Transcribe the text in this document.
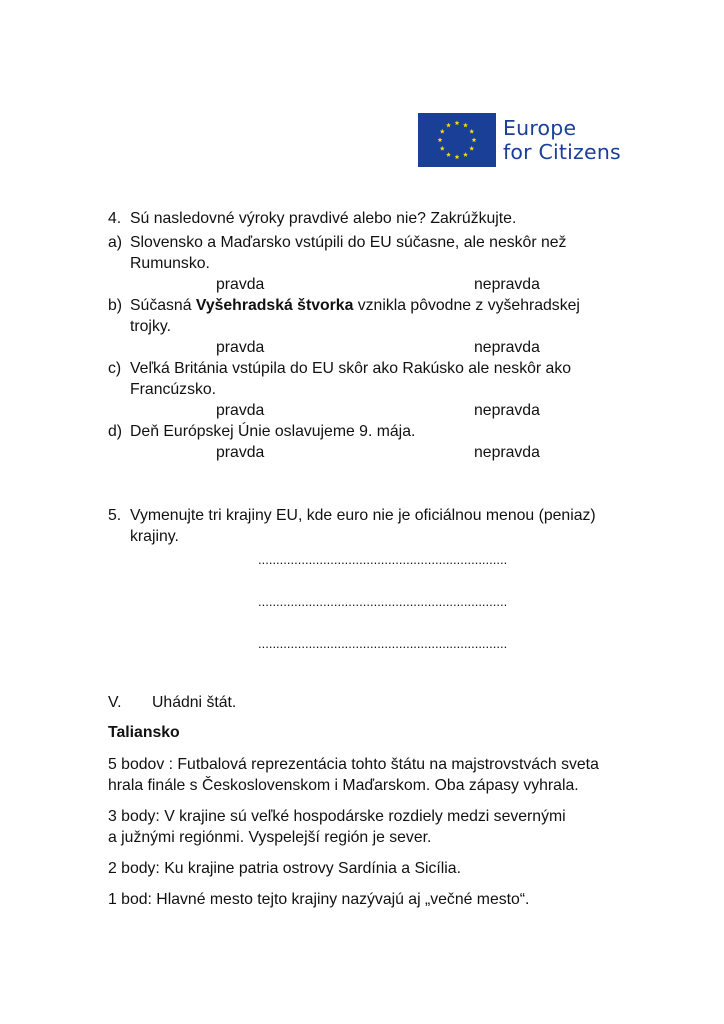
Europe
for Citizens
4. Sú nasledovné výroky pravdivé alebo nie? Zakrúžkujte.
a) Slovensko a Maďarsko vstúpili do EU súčasne, ale neskôr než
Rumunsko.
pravda	nepravda
b) Súčasná Vyšehradská štvorka vznikla pôvodne z vyšehradskej
trojky.
pravda	nepravda
c) Veľká Británia vstúpila do EU skôr ako Rakúsko ale neskôr ako
Francúzsko.
pravda	nepravda
d) Deň Európskej Únie oslavujeme 9. mája.
pravda	nepravda
5. Vymenujte tri krajiny EU, kde euro nie je oficiálnou menou (peniaz)
krajiny.
.....................................................................
.....................................................................
.....................................................................
V. Uhádni štát.
Taliansko
5 bodov : Futbalová reprezentácia tohto štátu na majstrovstvách sveta
hrala finále s Československom i Maďarskom. Oba zápasy vyhrala.
3 body: V krajine sú veľké hospodárske rozdiely medzi severnými
a južnými regiónmi. Vyspelejší región je sever.
2 body: Ku krajine patria ostrovy Sardínia a Sicília.
1 bod: Hlavné mesto tejto krajiny nazývajú aj „večné mesto“.
